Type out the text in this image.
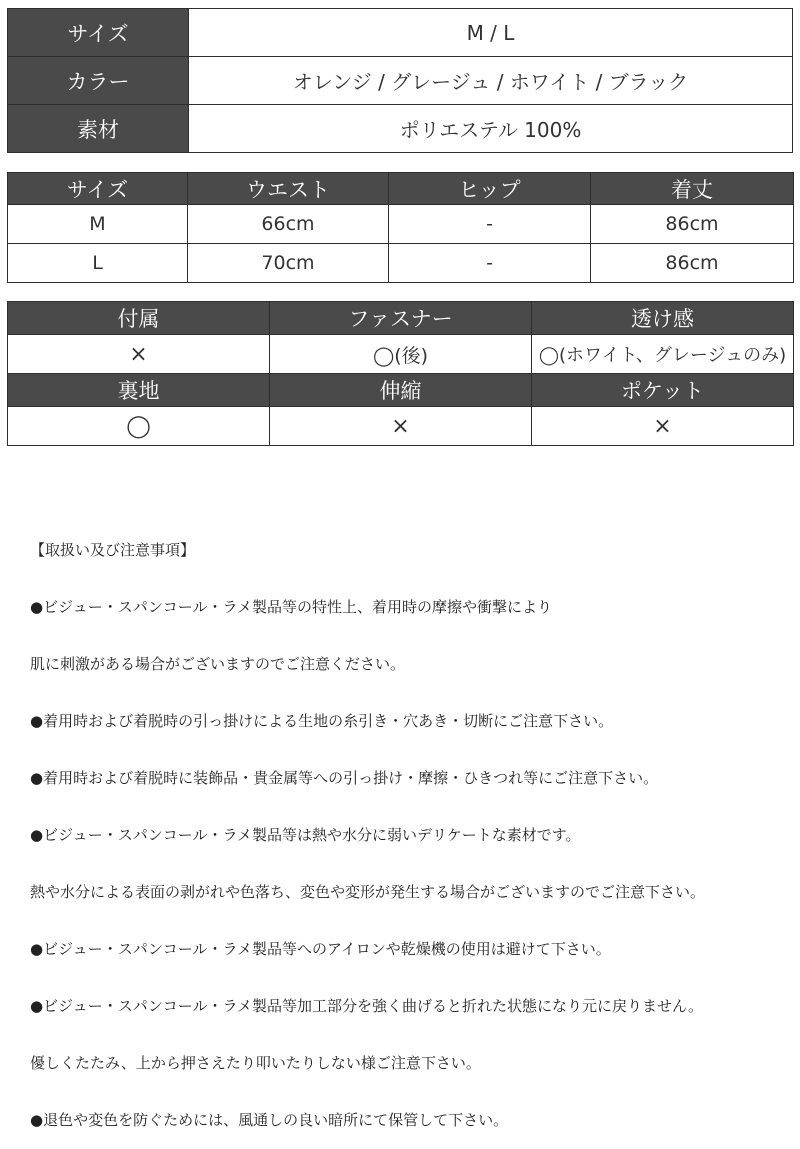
サイズ	M / L
カラー	オレンジ / グレージュ / ホワイト / ブラック
素材	ポリエステル 100%
サイズ	ウエスト	ヒップ	着丈
M	66cm	-	86cm
L	70cm	-	86cm
付属	ファスナー	透け感
×	◯(後)	◯(ホワイト、グレージュのみ)
裏地	伸縮	ポケット
◯	×	×

【取扱い及び注意事項】

●ビジュー・スパンコール・ラメ製品等の特性上、着用時の摩擦や衝撃により

肌に刺激がある場合がございますのでご注意ください。

●着用時および着脱時の引っ掛けによる生地の糸引き・穴あき・切断にご注意下さい。

●着用時および着脱時に装飾品・貴金属等への引っ掛け・摩擦・ひきつれ等にご注意下さい。

●ビジュー・スパンコール・ラメ製品等は熱や水分に弱いデリケートな素材です。

熱や水分による表面の剥がれや色落ち、変色や変形が発生する場合がございますのでご注意下さい。

●ビジュー・スパンコール・ラメ製品等へのアイロンや乾燥機の使用は避けて下さい。

●ビジュー・スパンコール・ラメ製品等加工部分を強く曲げると折れた状態になり元に戻りません。

優しくたたみ、上から押さえたり叩いたりしない様ご注意下さい。

●退色や変色を防ぐためには、風通しの良い暗所にて保管して下さい。
